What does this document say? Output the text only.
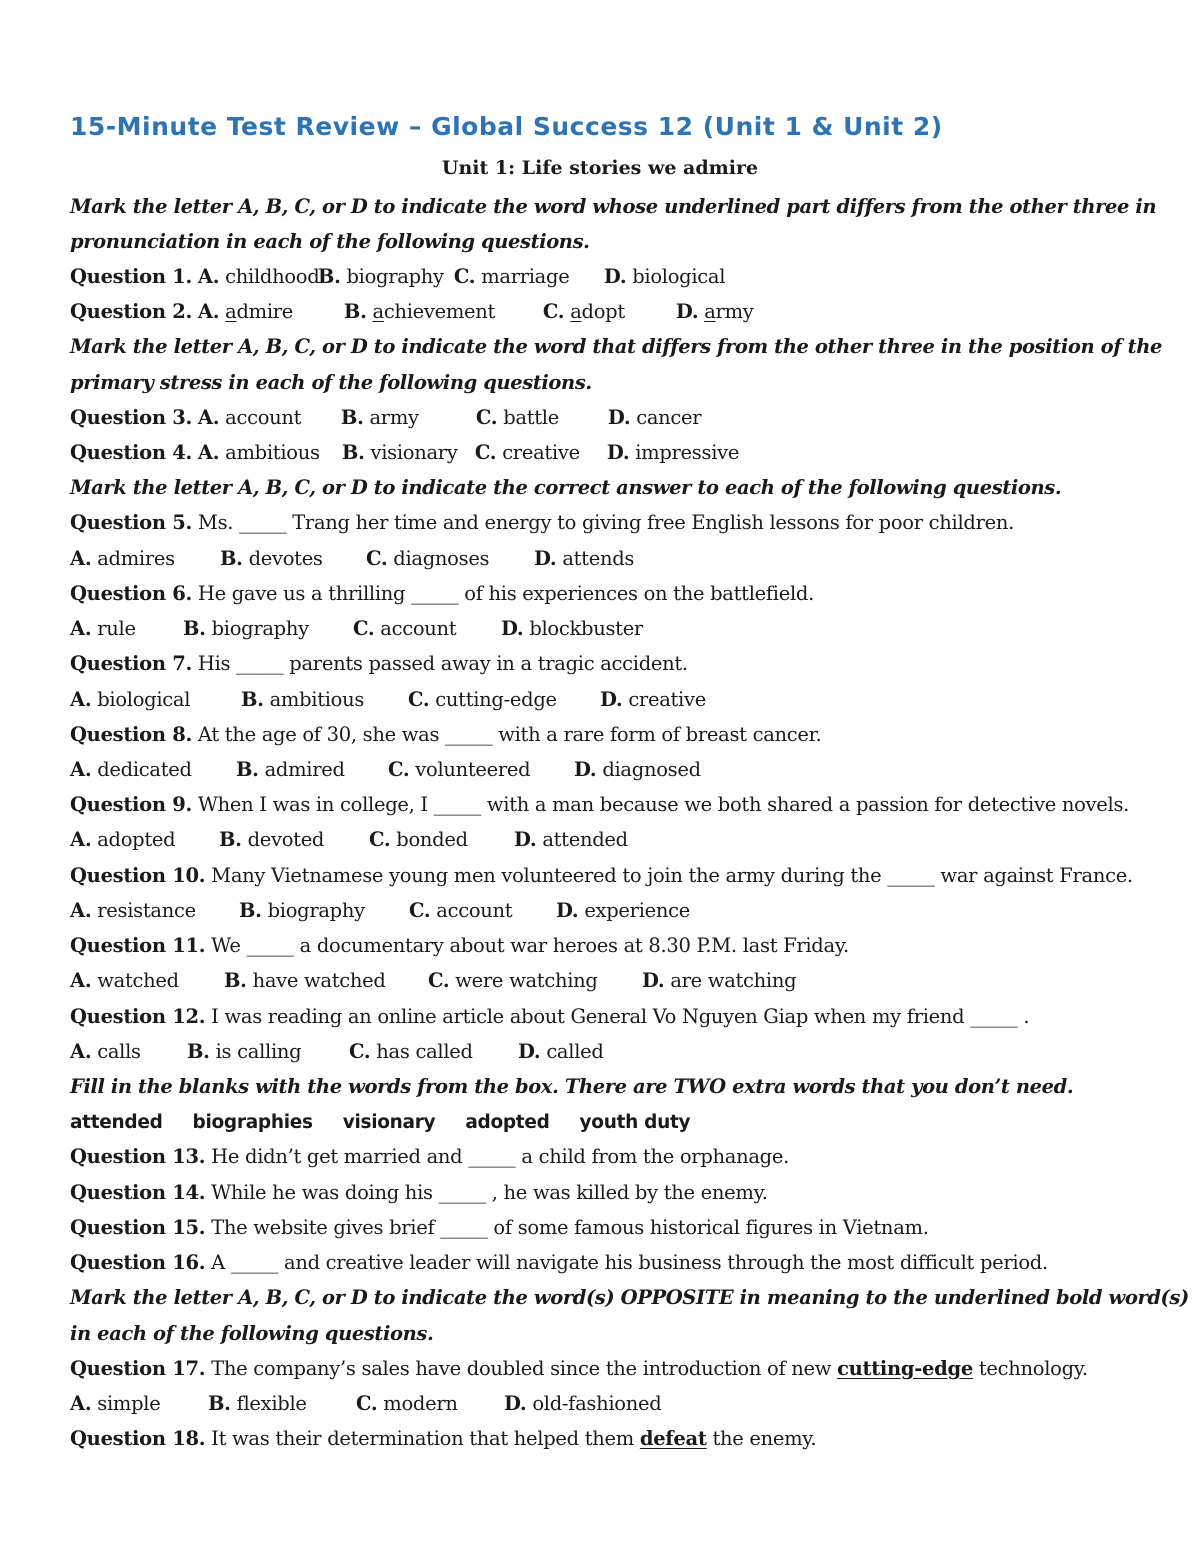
15-Minute Test Review – Global Success 12 (Unit 1 & Unit 2)
Unit 1: Life stories we admire
Mark the letter A, B, C, or D to indicate the word whose underlined part differs from the other three in
pronunciation in each of the following questions.
Question 1. A. childhoodB. biography C. marriage D. biological
Question 2. A. admire	B. achievement C. adopt	D. army
Mark the letter A, B, C, or D to indicate the word that differs from the other three in the position of the
primary stress in each of the following questions.
Question 3. A. account B. army	C. battle	D. cancer
Question 4. A. ambitious B. visionary C. creative D. impressive
Mark the letter A, B, C, or D to indicate the correct answer to each of the following questions.
Question 5. Ms. _____ Trang her time and energy to giving free English lessons for poor children.
A. admires B. devotes C. diagnoses D. attends
Question 6. He gave us a thrilling _____ of his experiences on the battlefield.
A. rule B. biography C. account D. blockbuster
Question 7. His _____ parents passed away in a tragic accident.
A. biological	B. ambitious C. cutting-edge D. creative
Question 8. At the age of 30, she was _____ with a rare form of breast cancer.
A. dedicated B. admired C. volunteered D. diagnosed
Question 9. When I was in college, I _____ with a man because we both shared a passion for detective novels.
A. adopted B. devoted C. bonded D. attended
Question 10. Many Vietnamese young men volunteered to join the army during the _____ war against France.
A. resistance B. biography C. account D. experience
Question 11. We _____ a documentary about war heroes at 8.30 P.M. last Friday.
A. watched B. have watched C. were watching D. are watching
Question 12. I was reading an online article about General Vo Nguyen Giap when my friend _____ .
A. calls B. is calling C. has called D. called
Fill in the blanks with the words from the box. There are TWO extra words that you don’t need.
attended biographies visionary adopted youth duty
Question 13. He didn’t get married and _____ a child from the orphanage.
Question 14. While he was doing his _____ , he was killed by the enemy.
Question 15. The website gives brief _____ of some famous historical figures in Vietnam.
Question 16. A _____ and creative leader will navigate his business through the most difficult period.
Mark the letter A, B, C, or D to indicate the word(s) OPPOSITE in meaning to the underlined bold word(s)
in each of the following questions.
Question 17. The company’s sales have doubled since the introduction of new cutting-edge technology.
A. simple B. flexible	C. modern D. old-fashioned
Question 18. It was their determination that helped them defeat the enemy.
